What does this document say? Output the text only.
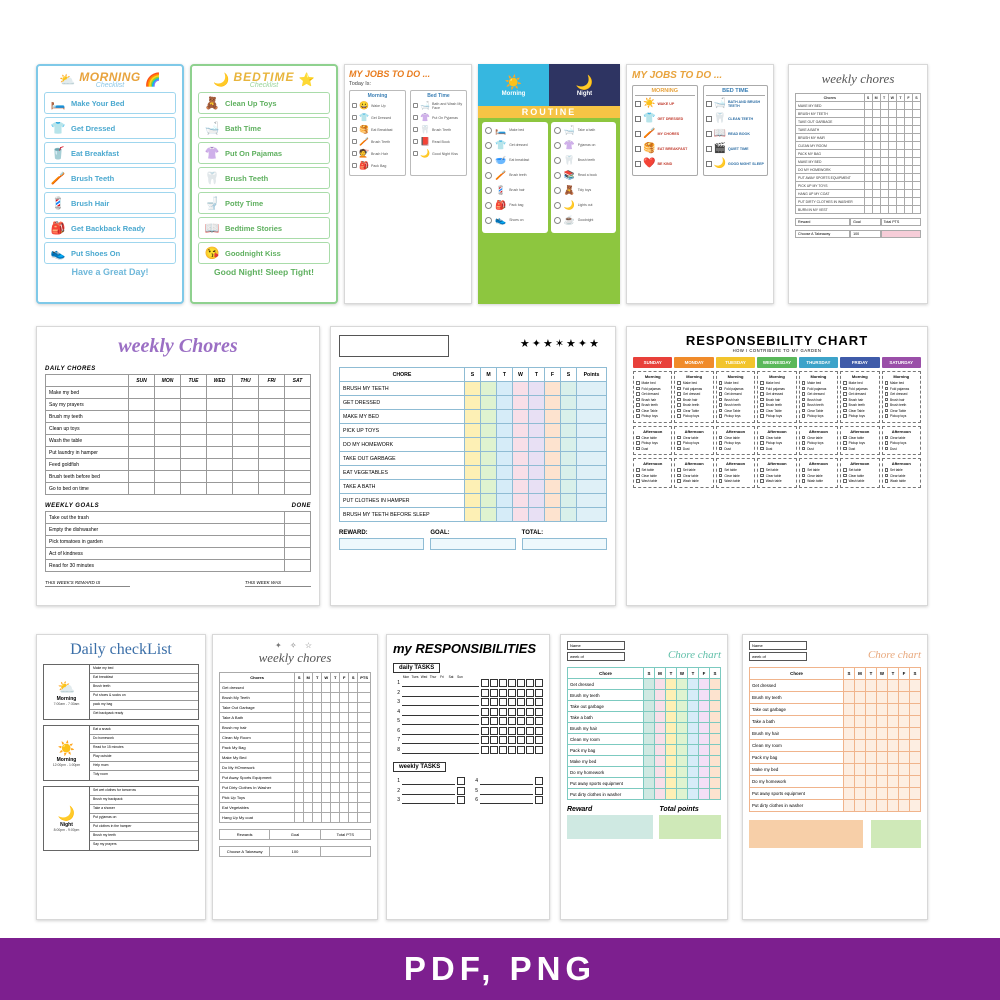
⛅ MORNING
Checklist	🌈
🛏️ Make Your Bed
👕 Get Dressed
🥤 Eat Breakfast
🪥 Brush Teeth
💈 Brush Hair
🎒 Get Backback Ready
👟 Put Shoes On
Have a Great Day!
🌙 BEDTIME
Checklist	⭐
🧸 Clean Up Toys
🛁 Bath Time
👚 Put On Pajamas
🦷 Brush Teeth
🚽 Potty Time
📖 Bedtime Stories
😘 Goodnight Kiss
Good Night! Sleep Tight!
MY JOBS TO DO ...
Today Is:
Morning
😀 Wake Up
👕 Get Dressed
🥞 Eat Breakfast
🪥 Brush Teeth
💇 Brush Hair
🎒 Pack Bag
Bed Time
🛁 Bath and Wash My Face
👚 Put On Pyjamas
🦷 Brush Teeth
📕 Read Book
🌙 Good Night Kiss
☀️
Morning
🌙
Night
ROUTINE
🛏️ Make bed
👕 Get dressed
🥣 Eat breakfast
🪥 Brush teeth
💈 Brush hair
🎒 Pack bag
👟 Shoes on
🛁 Take a bath
👚 Pyjamas on
🦷 Brush teeth
📚 Read a book
🧸 Tidy toys
🌙 Lights out
☕ Goodnight
MY JOBS TO DO ...
MORNING
☀️ WAKE UP
👕 GET DRESSED
🪥 MY CHORES
🥞 EAT BREAKFAST
❤️ BE KIND
BED TIME
🛁 BATH AND BRUSH TEETH
🦷 CLEAN TEETH
📖 READ BOOK
🎬 QUIET TIME
🌙 GOOD NIGHT SLEEP
weekly chores
Chores	S	M	T	W	T	F	S
MAKE MY BED							
BRUSH MY TEETH							
TAKE OUT GARBAGE							
TAKE A BATH							
BRUSH MY HAIR							
CLEAN MY ROOM							
PACK MY BAG							
MAKE MY BED							
DO MY HOMEWORK							
PUT AWAY SPORTS EQUIPMENT							
PICK UP MY TOYS							
HANG UP MY COAT							
PUT DIRTY CLOTHES IN WASHER							
BURN IN MY VEST							
Reward	Goal	Total PTS
Choose A Takeaway	100

weekly Chores
DAILY CHORES
	SUN	MON	TUE	WED	THU	FRI	SAT
Make my bed							
Say my prayers							
Brush my teeth							
Clean up toys							
Wash the table							
Put laundry in hamper							
Feed goldfish							
Brush teeth before bed							
Go to bed on time							
WEEKLY GOALS	DONE
Take out the trash	
Empty the dishwasher	
Pick tomatoes in garden	
Act of kindness	
Read for 30 minutes	
THIS WEEK'S REWARD IS	THIS WEEK WAS
★✦★✶★✦★
CHORE	S	M	T	W	T	F	S	Points
BRUSH MY TEETH								
GET DRESSED								
MAKE MY BED								
PICK UP TOYS								
DO MY HOMEWORK								
TAKE OUT GARBAGE								
EAT VEGETABLES								
TAKE A BATH								
PUT CLOTHES IN HAMPER								
BRUSH MY TEETH BEFORE SLEEP								
REWARD:	GOAL:	TOTAL:
RESPONSEBILITY CHART
HOW I CONTRIBUTE TO MY GARDEN
SUNDAY
Morning
Make bed
Fold pajamas
Get dressed
Brush hair
Brush teeth
Clear Table
Pickup toys
Afternoon
Clear table
Pickup toys
Dust
Afternoon
Set table
Clear table
Wash table
MONDAY
Morning
Make bed
Fold pajamas
Get dressed
Brush hair
Brush teeth
Clear Table
Pickup toys
Afternoon
Clear table
Pickup toys
Dust
Afternoon
Set table
Clear table
Wash table
TUESDAY
Morning
Make bed
Fold pajamas
Get dressed
Brush hair
Brush teeth
Clear Table
Pickup toys
Afternoon
Clear table
Pickup toys
Dust
Afternoon
Set table
Clear table
Wash table
WEDNESDAY
Morning
Make bed
Fold pajamas
Get dressed
Brush hair
Brush teeth
Clear Table
Pickup toys
Afternoon
Clear table
Pickup toys
Dust
Afternoon
Set table
Clear table
Wash table
THURSDAY
Morning
Make bed
Fold pajamas
Get dressed
Brush hair
Brush teeth
Clear Table
Pickup toys
Afternoon
Clear table
Pickup toys
Dust
Afternoon
Set table
Clear table
Wash table
FRIDAY
Morning
Make bed
Fold pajamas
Get dressed
Brush hair
Brush teeth
Clear Table
Pickup toys
Afternoon
Clear table
Pickup toys
Dust
Afternoon
Set table
Clear table
Wash table
SATURDAY
Morning
Make bed
Fold pajamas
Get dressed
Brush hair
Brush teeth
Clear Table
Pickup toys
Afternoon
Clear table
Pickup toys
Dust
Afternoon
Set table
Clear table
Wash table
Daily checkList
⛅
Morning
7:00am - 7:30am
Make my bed
Eat breakfast
Brush teeth
Put shoes & socks on
pack my bag
Get backpack ready
☀️
Morning
12:00pm - 1:00pm
Eat a snack
Do homework
Read for 15 minutes
Play outside
Help mum
Tidy room
🌙
Night
8:00pm - 9:00pm
Set wet clothes for tomorrow
Brush my backpack
Take a shower
Put pyjamas on
Put clothes in the hamper
Brush my teeth
Say my prayers
✦ ✧ ☆
weekly chores
Chores	S	M	T	W	T	F	S	PTS
Get dressed								
Brush My Teeth								
Take Out Garbage								
Take A Bath								
Brush my hair								
Clean My Room								
Pack My Bag								
Make My Bed								
Do My HOmework								
Put Away Sports Equipment								
Put Dirty Clothes In Washer								
Pick Up Toys								
Eat Vegetables								
Hang Up My coat								
Rewards	Goal	Total PTS
Choose A Takeaway	100

my RESPONSIBILITIES
daily TASKS
Mon Tues Wed Thur	Fri	Sat	Sun
1
2
3
4
5
6
7
8
weekly TASKS
1
2
3
4
5
6
Name
week of	Chore chart
Chore	S	M	T	W	T	F	S
Get dressed							
Brush my teeth							
Take out garbage							
Take a bath							
Brush my hair							
Clean my room							
Pack my bag							
Make my bed							
Do my homework							
Put away sports equipment							
Put dirty clothes in washer							
Reward	Total points
Name
week of	Chore chart
Chore	S	M	T	W	T	F	S
Get dressed							
Brush my teeth							
Take out garbage							
Take a bath							
Brush my hair							
Clean my room							
Pack my bag							
Make my bed							
Do my homework							
Put away sports equipment							
Put dirty clothes in washer							
PDF, PNG
